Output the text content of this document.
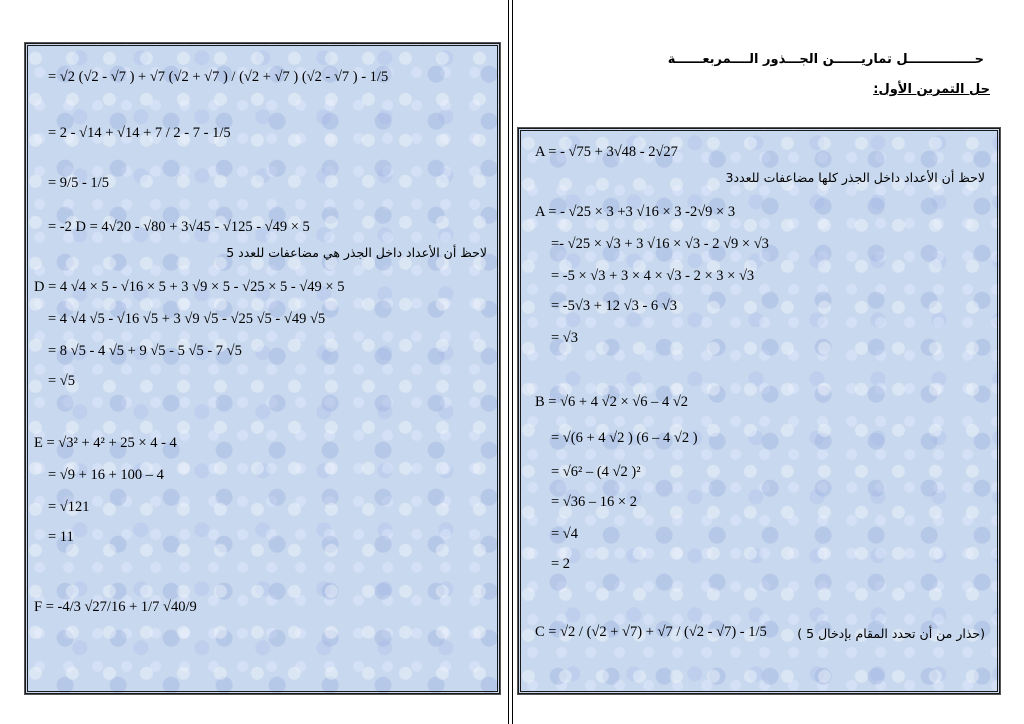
حـــــــــــــــل تماريــــــن الجـــذور الــــمربعــــــة
حل التمرين الأول:
= √2 (√2 - √7 ) + √7 (√2 + √7 ) / (√2 + √7 ) (√2 - √7 ) - 1/5
= 2 - √14 + √14 + 7 / 2 - 7 - 1/5
= 9/5 - 1/5
= -2 D = 4√20 - √80 + 3√45 - √125 - √49 × 5
لاحظ أن الأعداد داخل الجذر هي مضاعفات للعدد 5
D = 4 √4 × 5 - √16 × 5 + 3 √9 × 5 - √25 × 5 - √49 × 5
= 4 √4 √5 - √16 √5 + 3 √9 √5 - √25 √5 - √49 √5
= 8 √5 - 4 √5 + 9 √5 - 5 √5 - 7 √5
= √5
E = √3² + 4² + 25 × 4 - 4
= √9 + 16 + 100 – 4
= √121
= 11
F = -4/3 √27/16 + 1/7 √40/9
A = - √75 + 3√48 - 2√27
لاحظ أن الأعداد داخل الجذر كلها مضاعفات للعدد3
A = - √25 × 3 +3 √16 × 3 -2√9 × 3
=- √25 × √3 + 3 √16 × √3 - 2 √9 × √3
= -5 × √3 + 3 × 4 × √3 - 2 × 3 × √3
= -5√3 + 12 √3 - 6 √3
= √3
B = √6 + 4 √2 × √6 – 4 √2
= √(6 + 4 √2 ) (6 – 4 √2 )
= √6² – (4 √2 )²
= √36 – 16 × 2
= √4
= 2
C = √2 / (√2 + √7) + √7 / (√2 - √7) - 1/5 (حذار من أن تحدد المقام بإدخال 5 )
